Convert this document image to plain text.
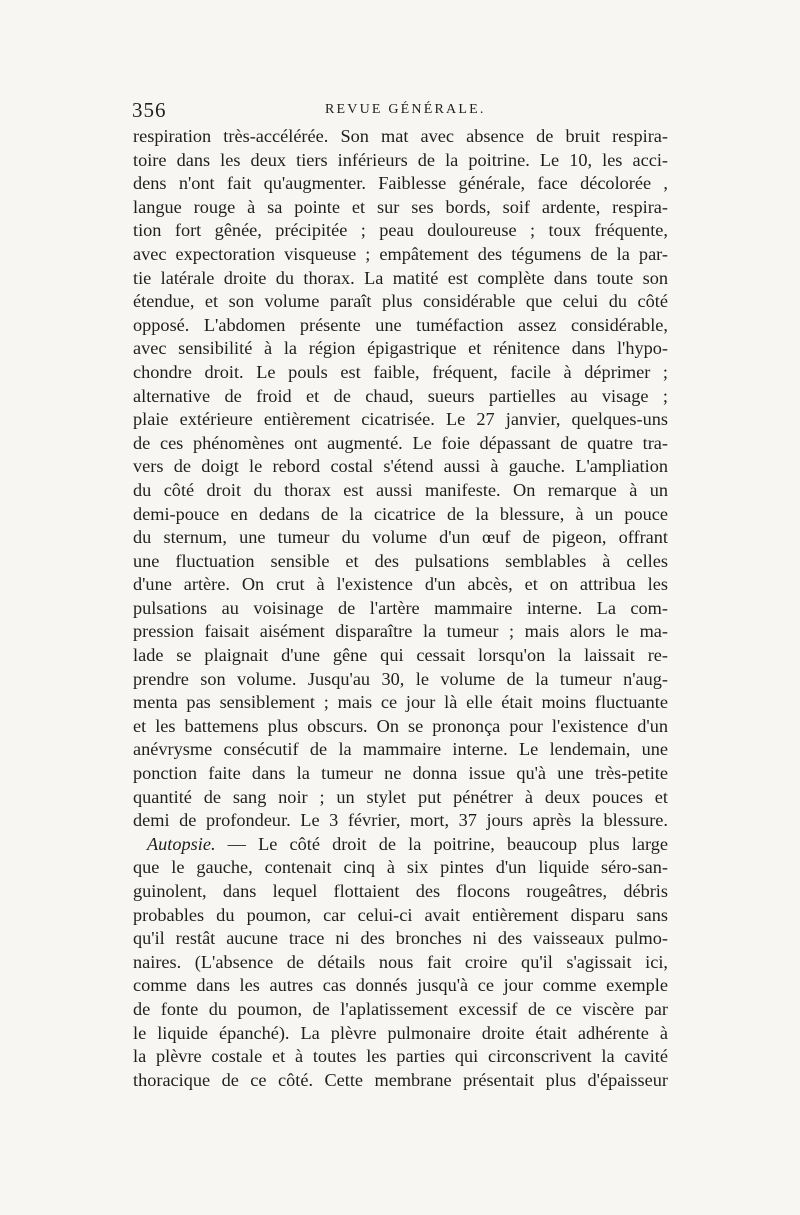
356	REVUE GÉNÉRALE.
respiration très-accélérée. Son mat avec absence de bruit respira-
toire dans les deux tiers inférieurs de la poitrine. Le 10, les acci-
dens n'ont fait qu'augmenter. Faiblesse générale, face décolorée ,
langue rouge à sa pointe et sur ses bords, soif ardente, respira-
tion fort gênée, précipitée ; peau douloureuse ; toux fréquente,
avec expectoration visqueuse ; empâtement des tégumens de la par-
tie latérale droite du thorax. La matité est complète dans toute son
étendue, et son volume paraît plus considérable que celui du côté
opposé. L'abdomen présente une tuméfaction assez considérable,
avec sensibilité à la région épigastrique et rénitence dans l'hypo-
chondre droit. Le pouls est faible, fréquent, facile à déprimer ;
alternative de froid et de chaud, sueurs partielles au visage ;
plaie extérieure entièrement cicatrisée. Le 27 janvier, quelques-uns
de ces phénomènes ont augmenté. Le foie dépassant de quatre tra-
vers de doigt le rebord costal s'étend aussi à gauche. L'ampliation
du côté droit du thorax est aussi manifeste. On remarque à un
demi-pouce en dedans de la cicatrice de la blessure, à un pouce
du sternum, une tumeur du volume d'un œuf de pigeon, offrant
une fluctuation sensible et des pulsations semblables à celles
d'une artère. On crut à l'existence d'un abcès, et on attribua les
pulsations au voisinage de l'artère mammaire interne. La com-
pression faisait aisément disparaître la tumeur ; mais alors le ma-
lade se plaignait d'une gêne qui cessait lorsqu'on la laissait re-
prendre son volume. Jusqu'au 30, le volume de la tumeur n'aug-
menta pas sensiblement ; mais ce jour là elle était moins fluctuante
et les battemens plus obscurs. On se prononça pour l'existence d'un
anévrysme consécutif de la mammaire interne. Le lendemain, une
ponction faite dans la tumeur ne donna issue qu'à une très-petite
quantité de sang noir ; un stylet put pénétrer à deux pouces et
demi de profondeur. Le 3 février, mort, 37 jours après la blessure.
Autopsie. — Le côté droit de la poitrine, beaucoup plus large
que le gauche, contenait cinq à six pintes d'un liquide séro-san-
guinolent, dans lequel flottaient des flocons rougeâtres, débris
probables du poumon, car celui-ci avait entièrement disparu sans
qu'il restât aucune trace ni des bronches ni des vaisseaux pulmo-
naires. (L'absence de détails nous fait croire qu'il s'agissait ici,
comme dans les autres cas donnés jusqu'à ce jour comme exemple
de fonte du poumon, de l'aplatissement excessif de ce viscère par
le liquide épanché). La plèvre pulmonaire droite était adhérente à
la plèvre costale et à toutes les parties qui circonscrivent la cavité
thoracique de ce côté. Cette membrane présentait plus d'épaisseur
